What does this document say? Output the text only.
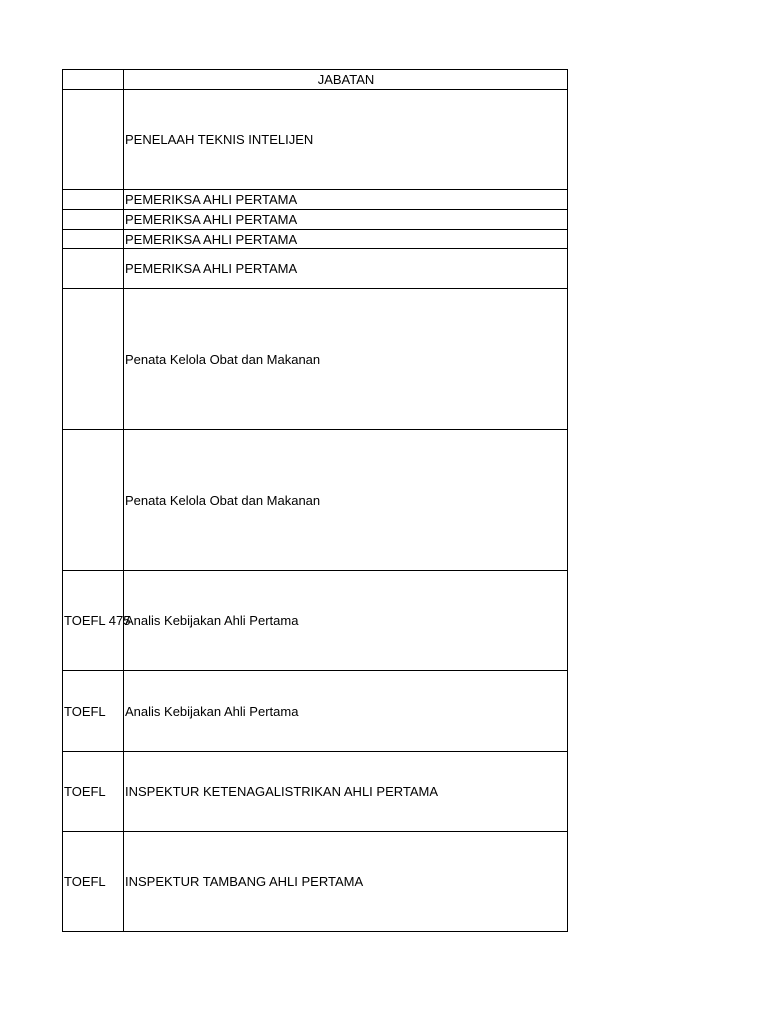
	JABATAN
	PENELAAH TEKNIS INTELIJEN
	PEMERIKSA AHLI PERTAMA
	PEMERIKSA AHLI PERTAMA
	PEMERIKSA AHLI PERTAMA
	PEMERIKSA AHLI PERTAMA
	Penata Kelola Obat dan Makanan
	Penata Kelola Obat dan Makanan
TOEFL 475	Analis Kebijakan Ahli Pertama
TOEFL	Analis Kebijakan Ahli Pertama
TOEFL	INSPEKTUR KETENAGALISTRIKAN AHLI PERTAMA
TOEFL	INSPEKTUR TAMBANG AHLI PERTAMA
